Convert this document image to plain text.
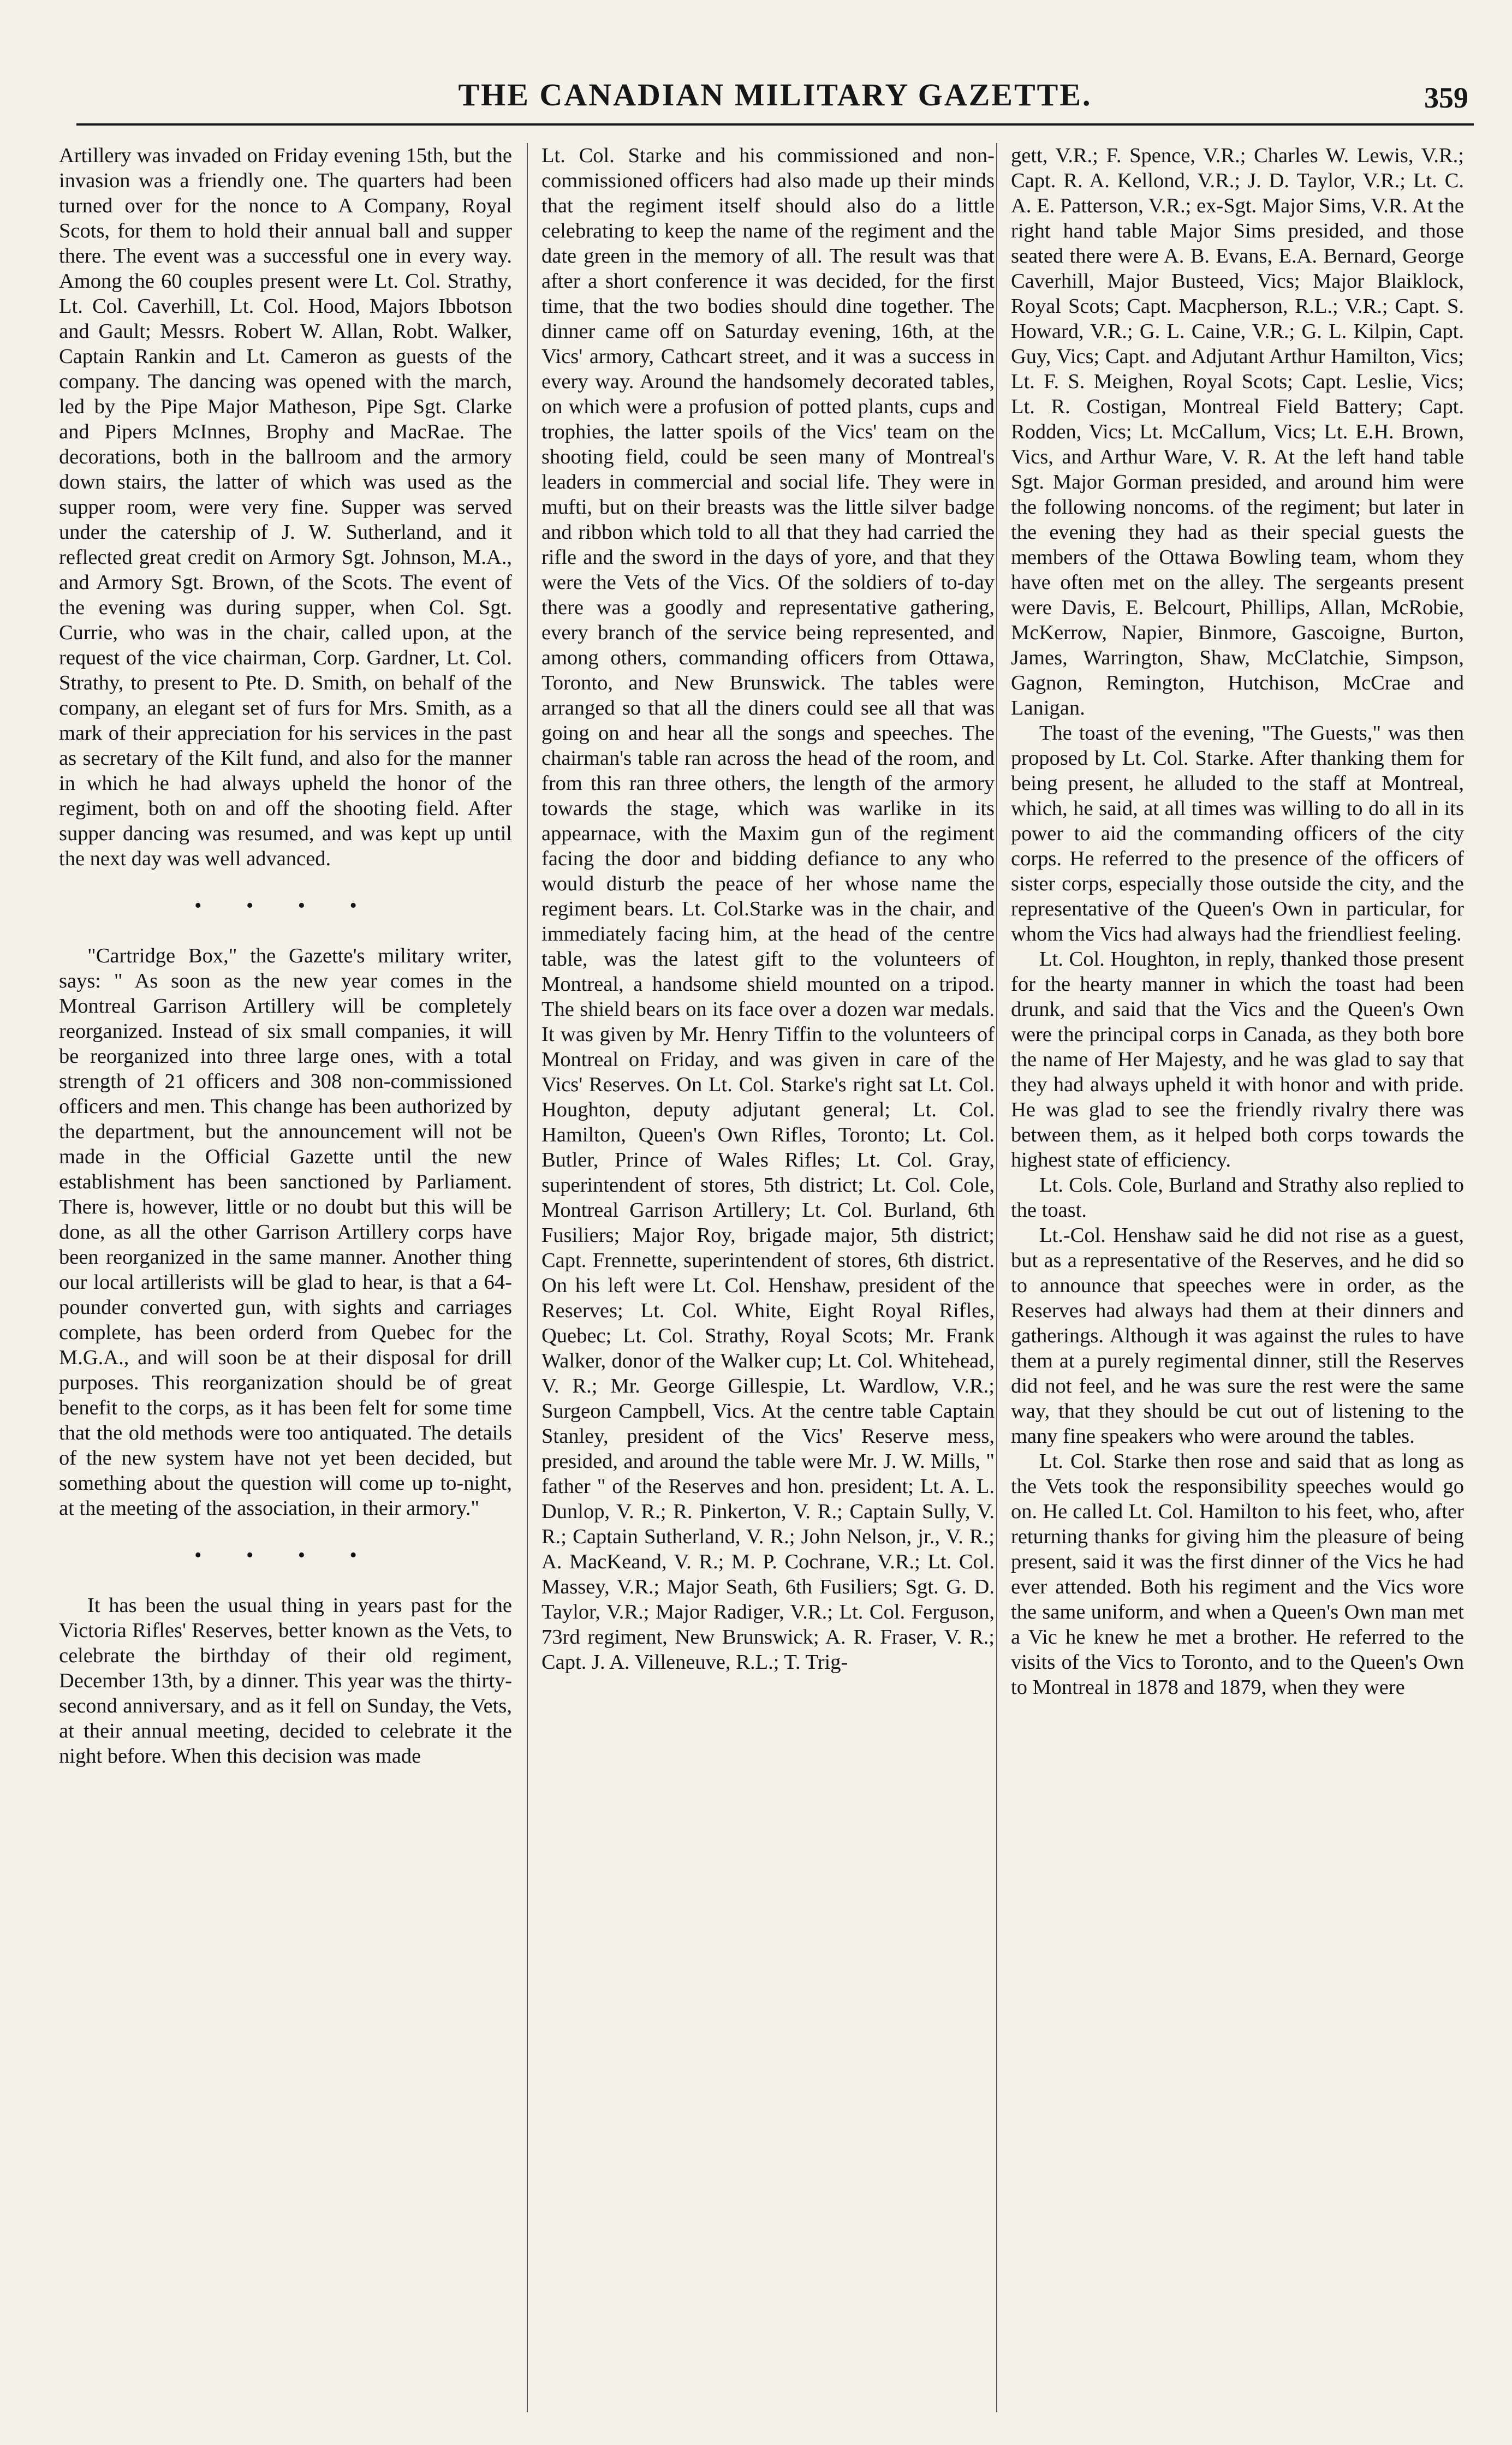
THE CANADIAN MILITARY GAZETTE.	359

Artillery was invaded on Friday evening 15th, but the invasion was a friendly one. The quarters had been turned over for the nonce to A Company, Royal Scots, for them to hold their annual ball and supper there. The event was a successful one in every way. Among the 60 couples present were Lt. Col. Strathy, Lt. Col. Caverhill, Lt. Col. Hood, Majors Ibbotson and Gault; Messrs. Robert W. Allan, Robt. Walker, Captain Rankin and Lt. Cameron as guests of the company. The dancing was opened with the march, led by the Pipe Major Matheson, Pipe Sgt. Clarke and Pipers McInnes, Brophy and MacRae. The decorations, both in the ballroom and the armory down stairs, the latter of which was used as the supper room, were very fine. Supper was served under the catership of J. W. Sutherland, and it reflected great credit on Armory Sgt. Johnson, M.A., and Armory Sgt. Brown, of the Scots. The event of the evening was during supper, when Col. Sgt. Currie, who was in the chair, called upon, at the request of the vice chairman, Corp. Gardner, Lt. Col. Strathy, to present to Pte. D. Smith, on behalf of the company, an elegant set of furs for Mrs. Smith, as a mark of their appreciation for his services in the past as secretary of the Kilt fund, and also for the manner in which he had always upheld the honor of the regiment, both on and off the shooting field. After supper dancing was resumed, and was kept up until the next day was well advanced.

• • • •

"Cartridge Box," the Gazette's military writer, says: " As soon as the new year comes in the Montreal Garrison Artillery will be completely reorganized. Instead of six small companies, it will be reorganized into three large ones, with a total strength of 21 officers and 308 non-commissioned officers and men. This change has been authorized by the department, but the announcement will not be made in the Official Gazette until the new establishment has been sanctioned by Parliament. There is, however, little or no doubt but this will be done, as all the other Garrison Artillery corps have been reorganized in the same manner. Another thing our local artillerists will be glad to hear, is that a 64-pounder converted gun, with sights and carriages complete, has been orderd from Quebec for the M.G.A., and will soon be at their disposal for drill purposes. This reorganization should be of great benefit to the corps, as it has been felt for some time that the old methods were too antiquated. The details of the new system have not yet been decided, but something about the question will come up to-night, at the meeting of the association, in their armory."

• • • •

It has been the usual thing in years past for the Victoria Rifles' Reserves, better known as the Vets, to celebrate the birthday of their old regiment, December 13th, by a dinner. This year was the thirty-second anniversary, and as it fell on Sunday, the Vets, at their annual meeting, decided to celebrate it the night before. When this decision was made

Lt. Col. Starke and his commissioned and non-commissioned officers had also made up their minds that the regiment itself should also do a little celebrating to keep the name of the regiment and the date green in the memory of all. The result was that after a short conference it was decided, for the first time, that the two bodies should dine together. The dinner came off on Saturday evening, 16th, at the Vics' armory, Cathcart street, and it was a success in every way. Around the handsomely decorated tables, on which were a profusion of potted plants, cups and trophies, the latter spoils of the Vics' team on the shooting field, could be seen many of Montreal's leaders in commercial and social life. They were in mufti, but on their breasts was the little silver badge and ribbon which told to all that they had carried the rifle and the sword in the days of yore, and that they were the Vets of the Vics. Of the soldiers of to-day there was a goodly and representative gathering, every branch of the service being represented, and among others, commanding officers from Ottawa, Toronto, and New Brunswick. The tables were arranged so that all the diners could see all that was going on and hear all the songs and speeches. The chairman's table ran across the head of the room, and from this ran three others, the length of the armory towards the stage, which was warlike in its appearnace, with the Maxim gun of the regiment facing the door and bidding defiance to any who would disturb the peace of her whose name the regiment bears. Lt. Col.Starke was in the chair, and immediately facing him, at the head of the centre table, was the latest gift to the volunteers of Montreal, a handsome shield mounted on a tripod. The shield bears on its face over a dozen war medals. It was given by Mr. Henry Tiffin to the volunteers of Montreal on Friday, and was given in care of the Vics' Reserves. On Lt. Col. Starke's right sat Lt. Col. Houghton, deputy adjutant general; Lt. Col. Hamilton, Queen's Own Rifles, Toronto; Lt. Col. Butler, Prince of Wales Rifles; Lt. Col. Gray, superintendent of stores, 5th district; Lt. Col. Cole, Montreal Garrison Artillery; Lt. Col. Burland, 6th Fusiliers; Major Roy, brigade major, 5th district; Capt. Frennette, superintendent of stores, 6th district. On his left were Lt. Col. Henshaw, president of the Reserves; Lt. Col. White, Eight Royal Rifles, Quebec; Lt. Col. Strathy, Royal Scots; Mr. Frank Walker, donor of the Walker cup; Lt. Col. Whitehead, V. R.; Mr. George Gillespie, Lt. Wardlow, V.R.; Surgeon Campbell, Vics. At the centre table Captain Stanley, president of the Vics' Reserve mess, presided, and around the table were Mr. J. W. Mills, " father " of the Reserves and hon. president; Lt. A. L. Dunlop, V. R.; R. Pinkerton, V. R.; Captain Sully, V. R.; Captain Sutherland, V. R.; John Nelson, jr., V. R.; A. MacKeand, V. R.; M. P. Cochrane, V.R.; Lt. Col. Massey, V.R.; Major Seath, 6th Fusiliers; Sgt. G. D. Taylor, V.R.; Major Radiger, V.R.; Lt. Col. Ferguson, 73rd regiment, New Brunswick; A. R. Fraser, V. R.; Capt. J. A. Villeneuve, R.L.; T. Trig-

gett, V.R.; F. Spence, V.R.; Charles W. Lewis, V.R.; Capt. R. A. Kellond, V.R.; J. D. Taylor, V.R.; Lt. C. A. E. Patterson, V.R.; ex-Sgt. Major Sims, V.R. At the right hand table Major Sims presided, and those seated there were A. B. Evans, E.A. Bernard, George Caverhill, Major Busteed, Vics; Major Blaiklock, Royal Scots; Capt. Macpherson, R.L.; V.R.; Capt. S. Howard, V.R.; G. L. Caine, V.R.; G. L. Kilpin, Capt. Guy, Vics; Capt. and Adjutant Arthur Hamilton, Vics; Lt. F. S. Meighen, Royal Scots; Capt. Leslie, Vics; Lt. R. Costigan, Montreal Field Battery; Capt. Rodden, Vics; Lt. McCallum, Vics; Lt. E.H. Brown, Vics, and Arthur Ware, V. R. At the left hand table Sgt. Major Gorman presided, and around him were the following noncoms. of the regiment; but later in the evening they had as their special guests the members of the Ottawa Bowling team, whom they have often met on the alley. The sergeants present were Davis, E. Belcourt, Phillips, Allan, McRobie, McKerrow, Napier, Binmore, Gascoigne, Burton, James, Warrington, Shaw, McClatchie, Simpson, Gagnon, Remington, Hutchison, McCrae and Lanigan.

The toast of the evening, "The Guests," was then proposed by Lt. Col. Starke. After thanking them for being present, he alluded to the staff at Montreal, which, he said, at all times was willing to do all in its power to aid the commanding officers of the city corps. He referred to the presence of the officers of sister corps, especially those outside the city, and the representative of the Queen's Own in particular, for whom the Vics had always had the friendliest feeling.

Lt. Col. Houghton, in reply, thanked those present for the hearty manner in which the toast had been drunk, and said that the Vics and the Queen's Own were the principal corps in Canada, as they both bore the name of Her Majesty, and he was glad to say that they had always upheld it with honor and with pride. He was glad to see the friendly rivalry there was between them, as it helped both corps towards the highest state of efficiency.

Lt. Cols. Cole, Burland and Strathy also replied to the toast.

Lt.-Col. Henshaw said he did not rise as a guest, but as a representative of the Reserves, and he did so to announce that speeches were in order, as the Reserves had always had them at their dinners and gatherings. Although it was against the rules to have them at a purely regimental dinner, still the Reserves did not feel, and he was sure the rest were the same way, that they should be cut out of listening to the many fine speakers who were around the tables.

Lt. Col. Starke then rose and said that as long as the Vets took the responsibility speeches would go on. He called Lt. Col. Hamilton to his feet, who, after returning thanks for giving him the pleasure of being present, said it was the first dinner of the Vics he had ever attended. Both his regiment and the Vics wore the same uniform, and when a Queen's Own man met a Vic he knew he met a brother. He referred to the visits of the Vics to Toronto, and to the Queen's Own to Montreal in 1878 and 1879, when they were
